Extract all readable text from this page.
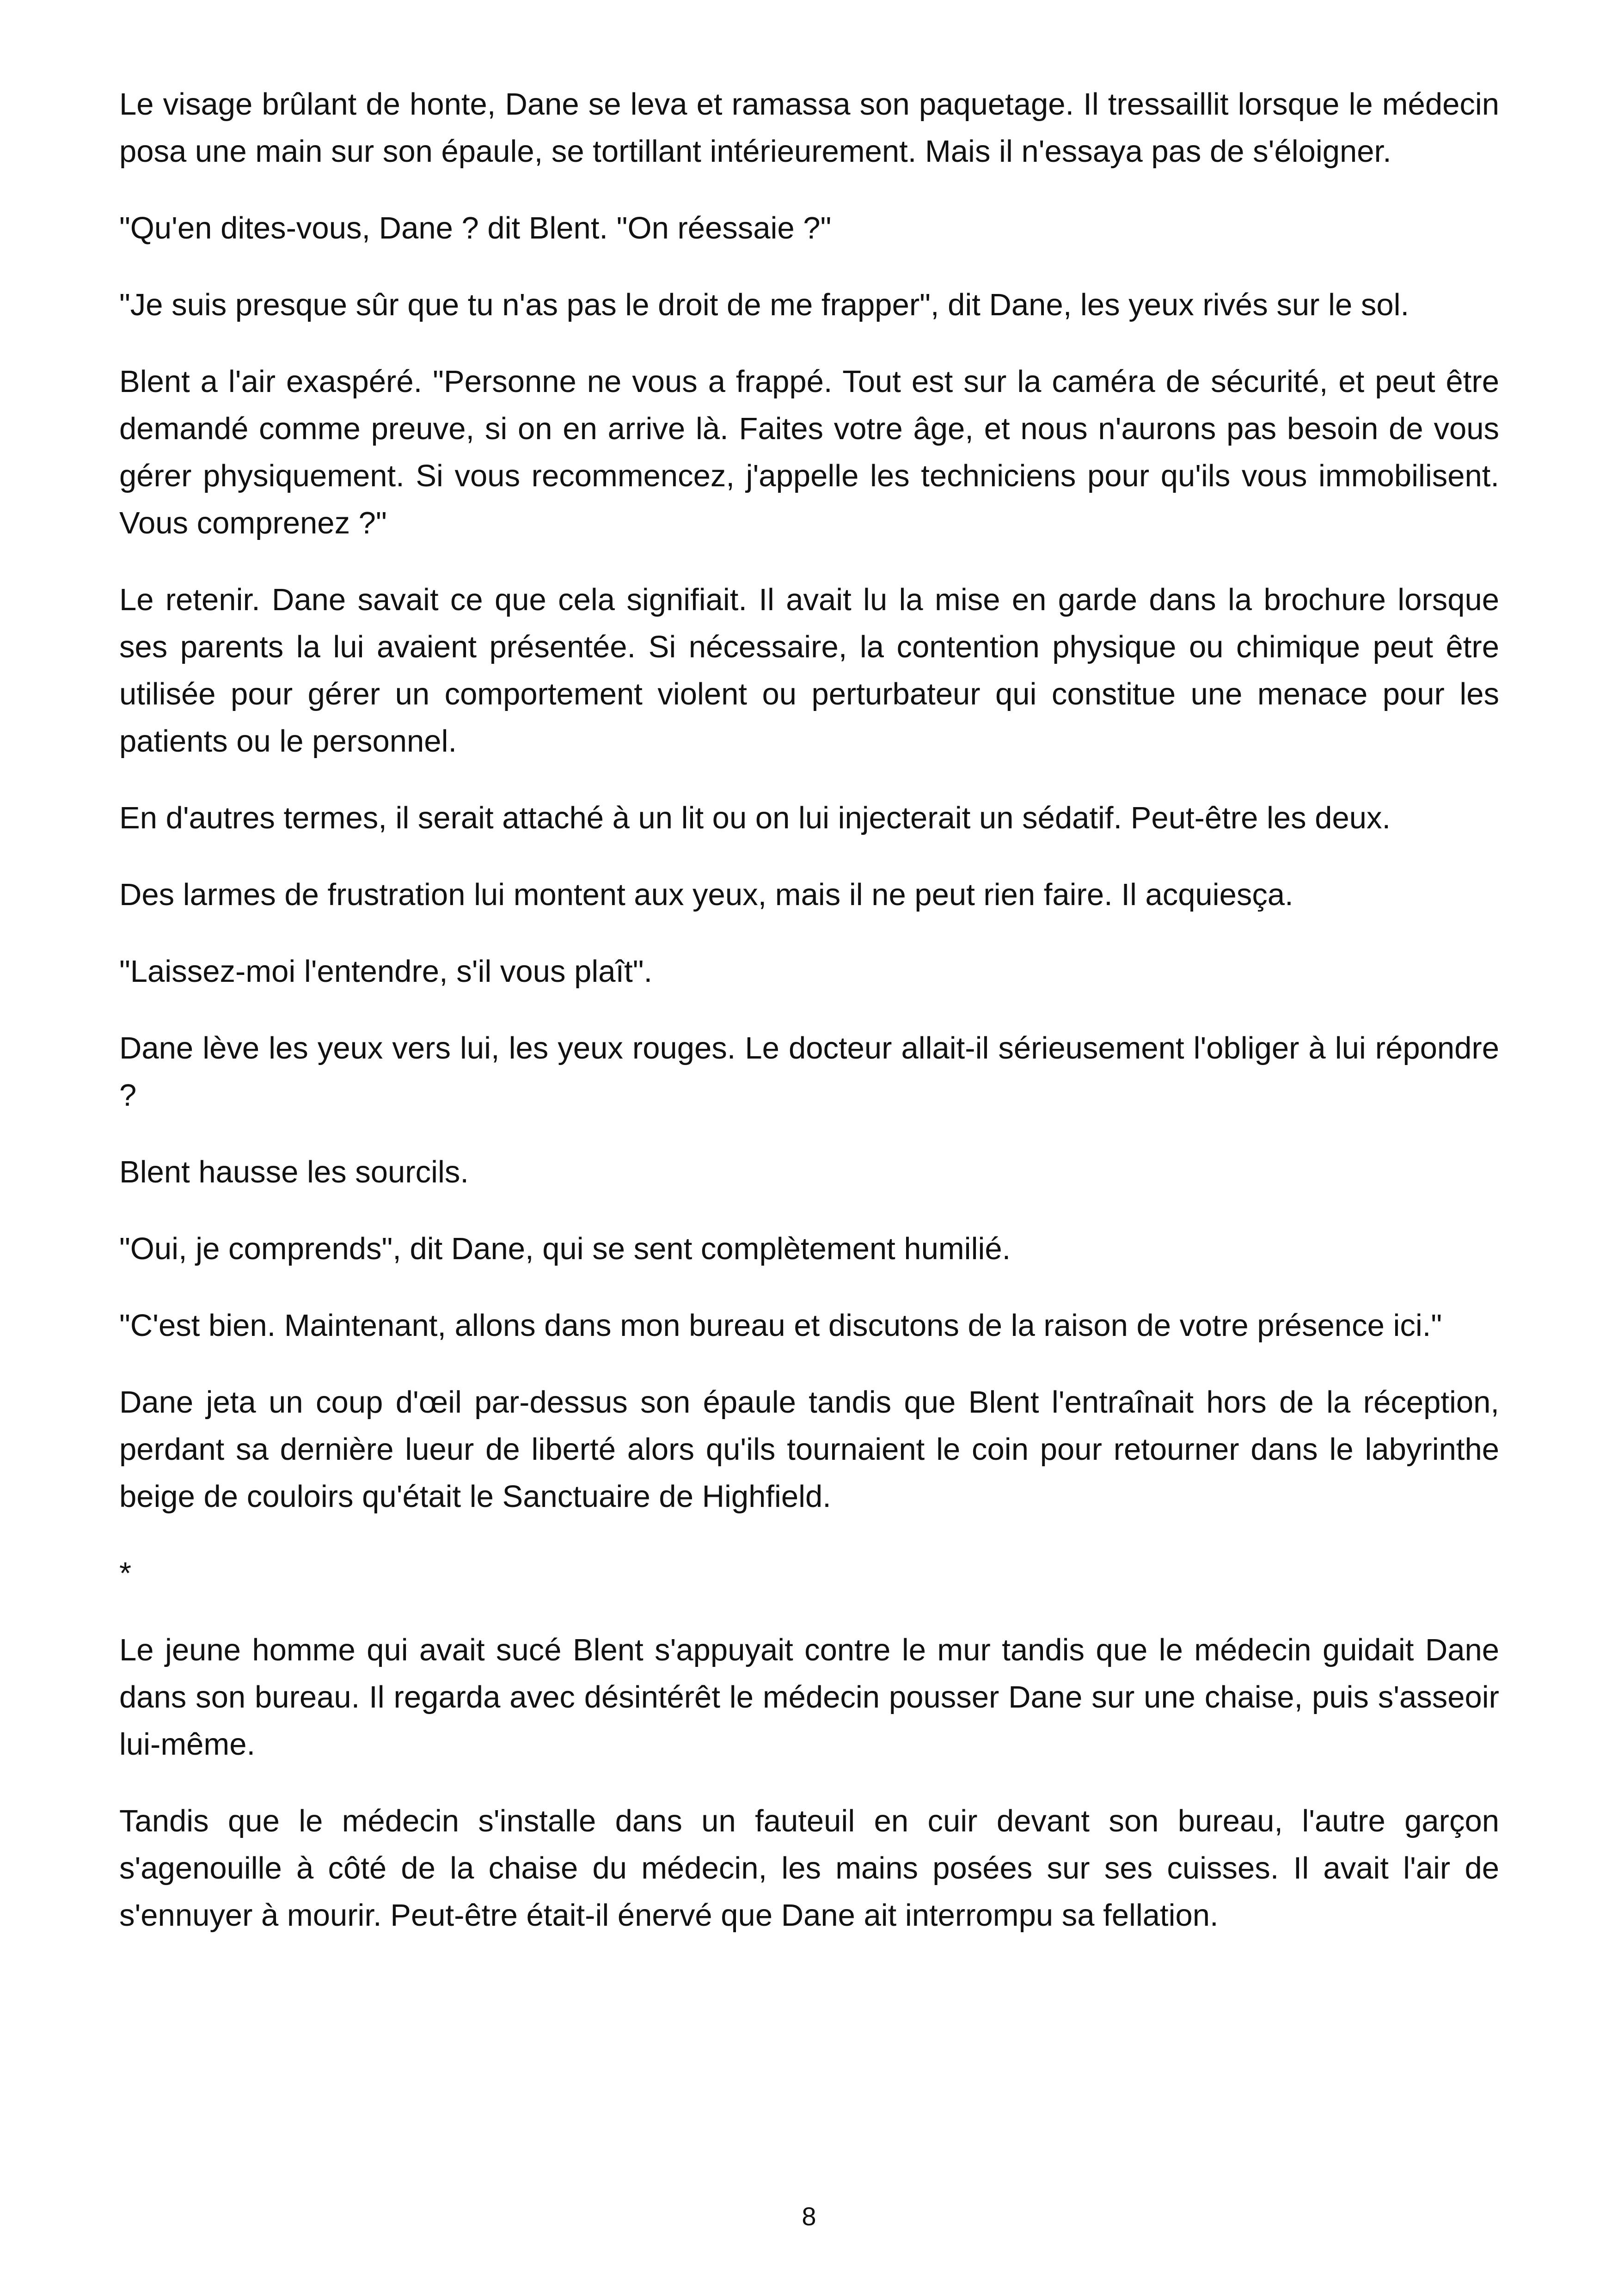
Le visage brûlant de honte, Dane se leva et ramassa son paquetage. Il tressaillit lorsque le médecin posa une main sur son épaule, se tortillant intérieurement. Mais il n'essaya pas de s'éloigner.

"Qu'en dites-vous, Dane ? dit Blent. "On réessaie ?"

"Je suis presque sûr que tu n'as pas le droit de me frapper", dit Dane, les yeux rivés sur le sol.

Blent a l'air exaspéré. "Personne ne vous a frappé. Tout est sur la caméra de sécurité, et peut être demandé comme preuve, si on en arrive là. Faites votre âge, et nous n'aurons pas besoin de vous gérer physiquement. Si vous recommencez, j'appelle les techniciens pour qu'ils vous immobilisent. Vous comprenez ?"

Le retenir. Dane savait ce que cela signifiait. Il avait lu la mise en garde dans la brochure lorsque ses parents la lui avaient présentée. Si nécessaire, la contention physique ou chimique peut être utilisée pour gérer un comportement violent ou perturbateur qui constitue une menace pour les patients ou le personnel.

En d'autres termes, il serait attaché à un lit ou on lui injecterait un sédatif. Peut-être les deux.

Des larmes de frustration lui montent aux yeux, mais il ne peut rien faire. Il acquiesça.

"Laissez-moi l'entendre, s'il vous plaît".

Dane lève les yeux vers lui, les yeux rouges. Le docteur allait-il sérieusement l'obliger à lui répondre ?

Blent hausse les sourcils.

"Oui, je comprends", dit Dane, qui se sent complètement humilié.

"C'est bien. Maintenant, allons dans mon bureau et discutons de la raison de votre présence ici."

Dane jeta un coup d'œil par-dessus son épaule tandis que Blent l'entraînait hors de la réception, perdant sa dernière lueur de liberté alors qu'ils tournaient le coin pour retourner dans le labyrinthe beige de couloirs qu'était le Sanctuaire de Highfield.

*

Le jeune homme qui avait sucé Blent s'appuyait contre le mur tandis que le médecin guidait Dane dans son bureau. Il regarda avec désintérêt le médecin pousser Dane sur une chaise, puis s'asseoir lui-même.

Tandis que le médecin s'installe dans un fauteuil en cuir devant son bureau, l'autre garçon s'agenouille à côté de la chaise du médecin, les mains posées sur ses cuisses. Il avait l'air de s'ennuyer à mourir. Peut-être était-il énervé que Dane ait interrompu sa fellation.

8
